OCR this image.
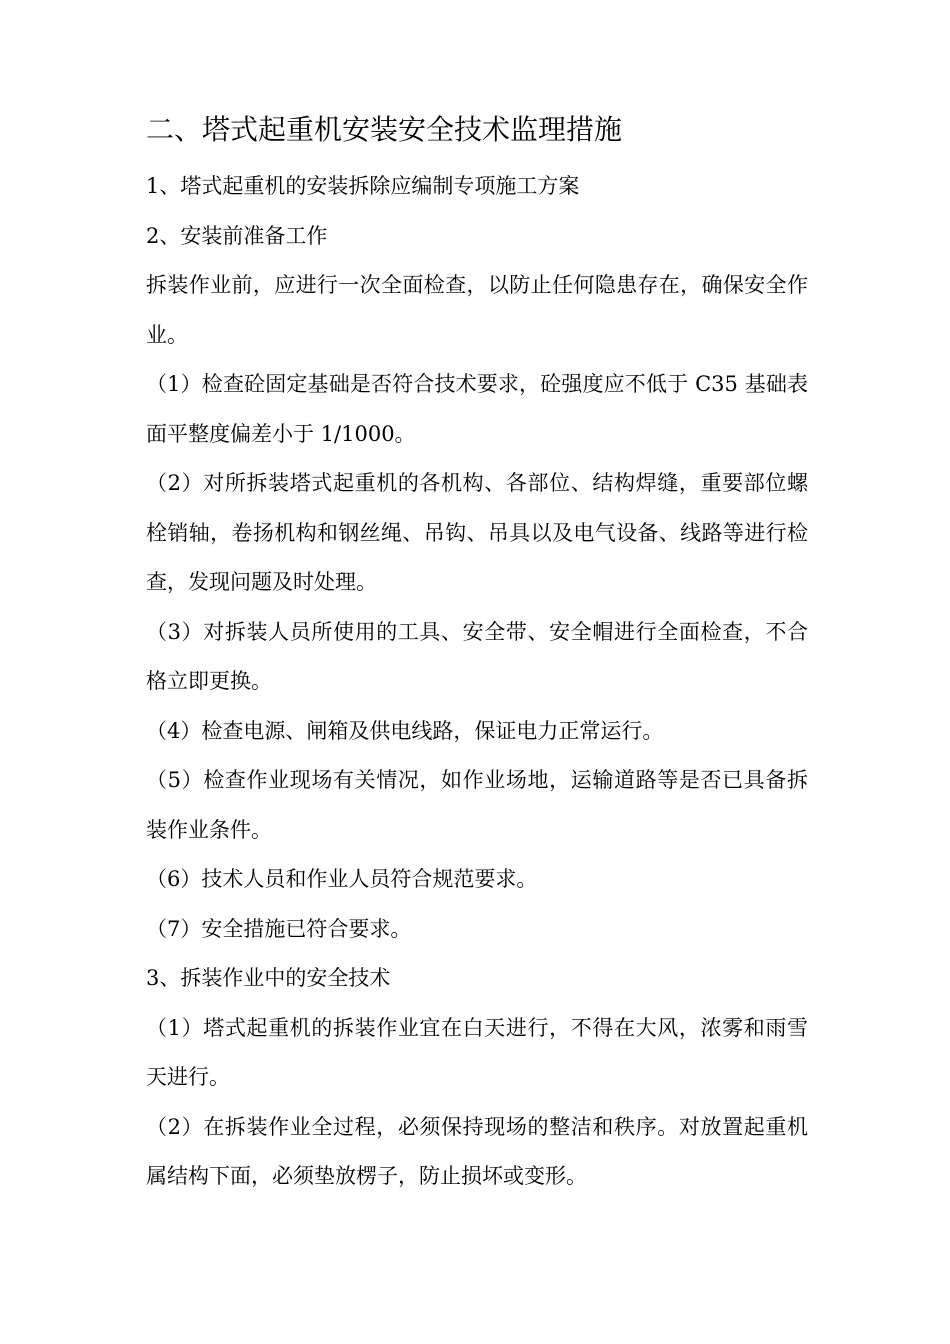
二、塔式起重机安装安全技术监理措施

1、塔式起重机的安装拆除应编制专项施工方案

2、安装前准备工作

拆装作业前，应进行一次全面检查，以防止任何隐患存在，确保安全作业。

（1）检查砼固定基础是否符合技术要求，砼强度应不低于 C35 基础表面平整度偏差小于 1/1000。

（2）对所拆装塔式起重机的各机构、各部位、结构焊缝，重要部位螺栓销轴，卷扬机构和钢丝绳、吊钩、吊具以及电气设备、线路等进行检查，发现问题及时处理。

（3）对拆装人员所使用的工具、安全带、安全帽进行全面检查，不合格立即更换。

（4）检查电源、闸箱及供电线路，保证电力正常运行。

（5）检查作业现场有关情况，如作业场地，运输道路等是否已具备拆装作业条件。

（6）技术人员和作业人员符合规范要求。

（7）安全措施已符合要求。

3、拆装作业中的安全技术

（1）塔式起重机的拆装作业宜在白天进行，不得在大风，浓雾和雨雪天进行。

（2）在拆装作业全过程，必须保持现场的整洁和秩序。对放置起重机属结构下面，必须垫放楞子，防止损坏或变形。
